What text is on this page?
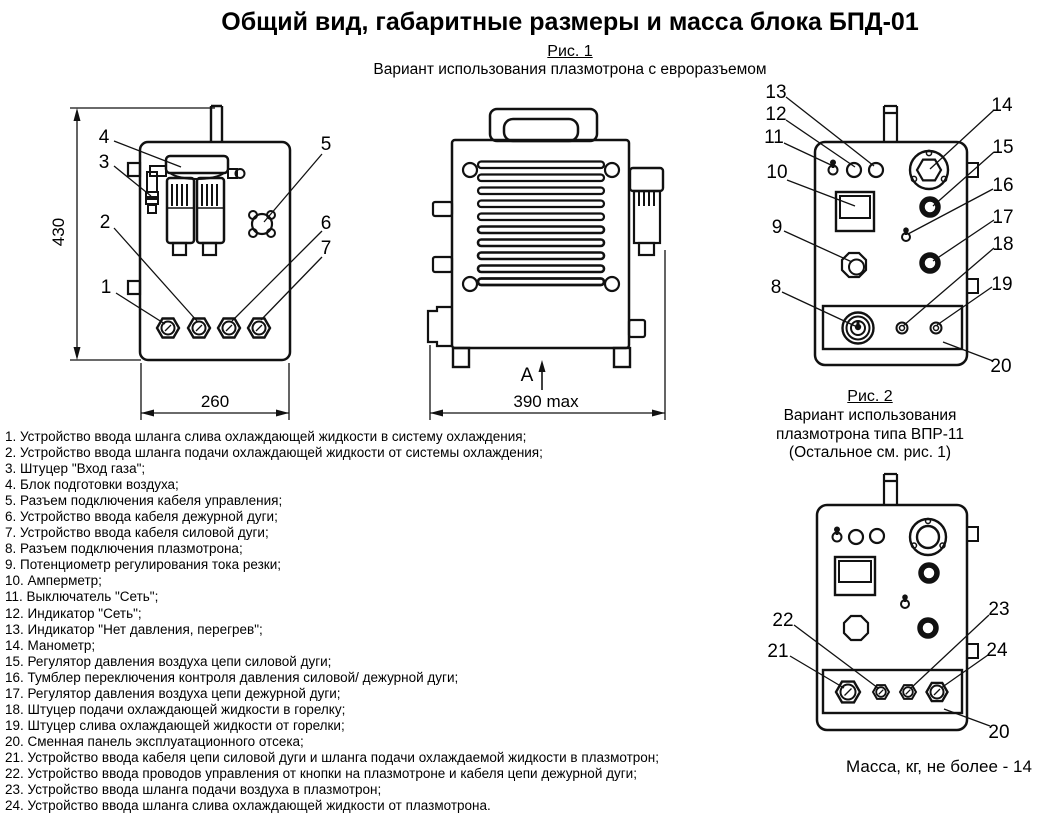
Общий вид, габаритные размеры и масса блока БПД-01
Рис. 1
Вариант использования плазмотрона с евроразъемом
430
260
1
2
3
4	5
6
7
A
390 max
13
12
11
10
9
8
14
15
16
17
18
19
20
22
21
23
24
20
Рис. 2
Вариант использования
плазмотрона типа ВПР-11
(Остальное см. рис. 1)
1. Устройство ввода шланга слива охлаждающей жидкости в систему охлаждения;
2. Устройство ввода шланга подачи охлаждающей жидкости от системы охлаждения;
3. Штуцер "Вход газа";
4. Блок подготовки воздуха;
5. Разъем подключения кабеля управления;
6. Устройство ввода кабеля дежурной дуги;
7. Устройство ввода кабеля силовой дуги;
8. Разъем подключения плазмотрона;
9. Потенциометр регулирования тока резки;
10. Амперметр;
11. Выключатель "Сеть";
12. Индикатор "Сеть";
13. Индикатор "Нет давления, перегрев";
14. Манометр;
15. Регулятор давления воздуха цепи силовой дуги;
16. Тумблер переключения контроля давления силовой/ дежурной дуги;
17. Регулятор давления воздуха цепи дежурной дуги;
18. Штуцер подачи охлаждающей жидкости в горелку;
19. Штуцер слива охлаждающей жидкости от горелки;
20. Сменная панель эксплуатационного отсека;
21. Устройство ввода кабеля цепи силовой дуги и шланга подачи охлаждаемой жидкости в плазмотрон;
22. Устройство ввода проводов управления от кнопки на плазмотроне и кабеля цепи дежурной дуги;
23. Устройство ввода шланга подачи воздуха в плазмотрон;
24. Устройство ввода шланга слива охлаждающей жидкости от плазмотрона.
Масса, кг, не более - 14
